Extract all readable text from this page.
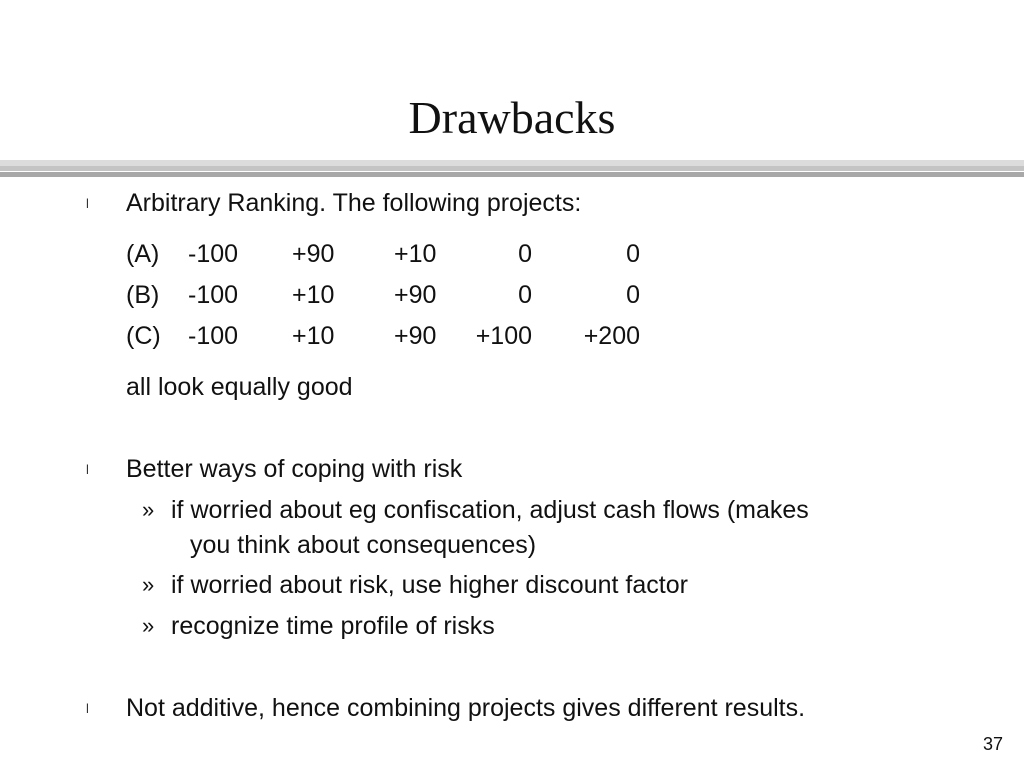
Drawbacks
l Arbitrary Ranking. The following projects:
(A) -100 +90 +10	0	0
(B) -100 +10 +90	0	0
(C) -100 +10 +90	+100	+200
all look equally good
l Better ways of coping with risk
» if worried about eg confiscation, adjust cash flows (makes
you think about consequences)
» if worried about risk, use higher discount factor
» recognize time profile of risks
l Not additive, hence combining projects gives different results.
37
